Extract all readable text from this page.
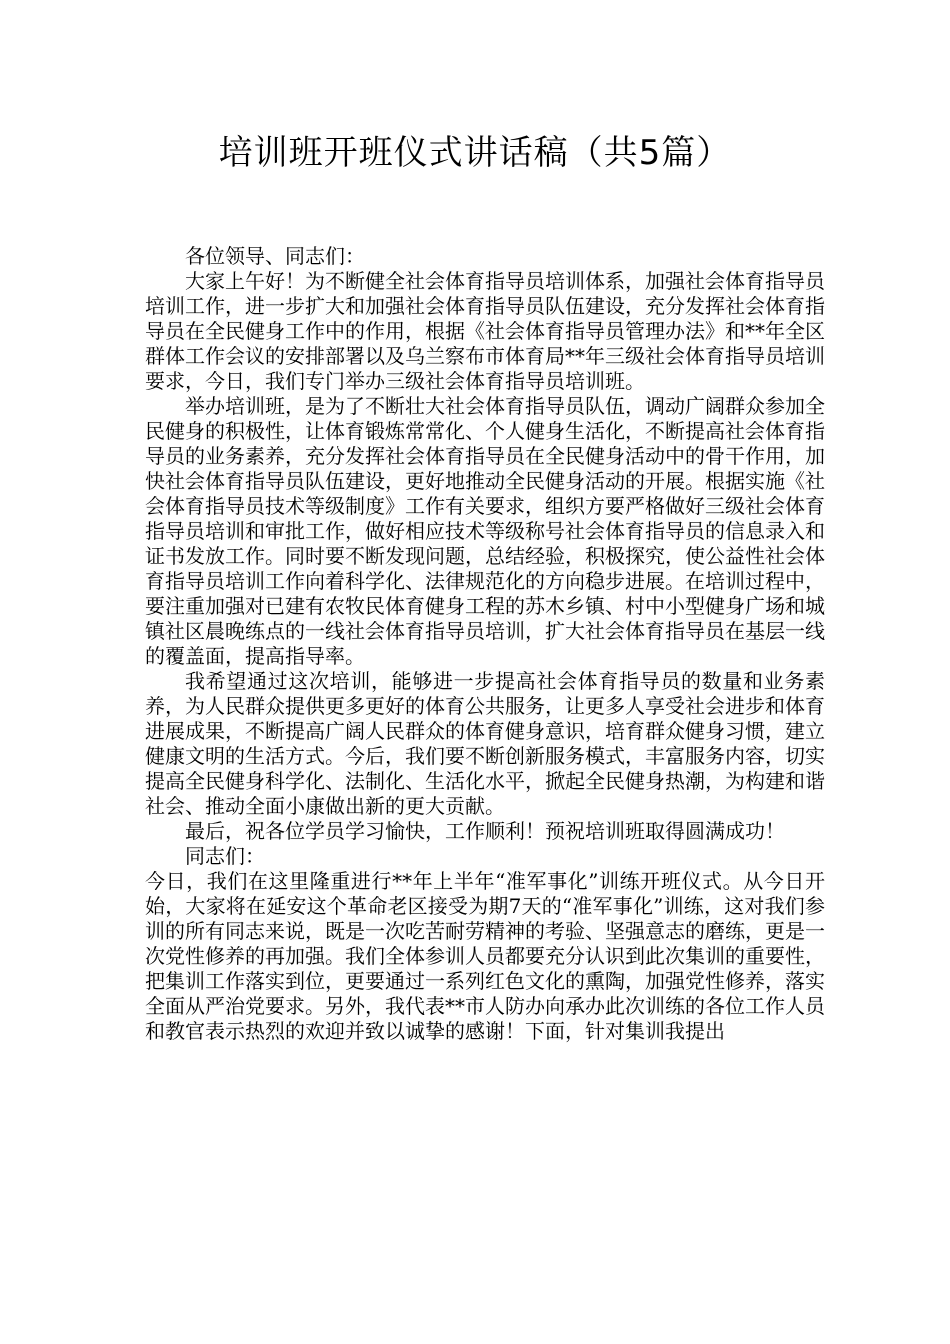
培训班开班仪式讲话稿（共5篇）

各位领导、同志们：

大家上午好！为不断健全社会体育指导员培训体系，加强社会体育指导员培训工作，进一步扩大和加强社会体育指导员队伍建设，充分发挥社会体育指导员在全民健身工作中的作用，根据《社会体育指导员管理办法》和**年全区群体工作会议的安排部署以及乌兰察布市体育局**年三级社会体育指导员培训要求，今日，我们专门举办三级社会体育指导员培训班。

举办培训班，是为了不断壮大社会体育指导员队伍，调动广阔群众参加全民健身的积极性，让体育锻炼常常化、个人健身生活化，不断提高社会体育指导员的业务素养，充分发挥社会体育指导员在全民健身活动中的骨干作用，加快社会体育指导员队伍建设，更好地推动全民健身活动的开展。根据实施《社会体育指导员技术等级制度》工作有关要求，组织方要严格做好三级社会体育指导员培训和审批工作，做好相应技术等级称号社会体育指导员的信息录入和证书发放工作。同时要不断发现问题，总结经验，积极探究，使公益性社会体育指导员培训工作向着科学化、法律规范化的方向稳步进展。在培训过程中，要注重加强对已建有农牧民体育健身工程的苏木乡镇、村中小型健身广场和城镇社区晨晚练点的一线社会体育指导员培训，扩大社会体育指导员在基层一线的覆盖面，提高指导率。

我希望通过这次培训，能够进一步提高社会体育指导员的数量和业务素养，为人民群众提供更多更好的体育公共服务，让更多人享受社会进步和体育进展成果，不断提高广阔人民群众的体育健身意识，培育群众健身习惯，建立健康文明的生活方式。今后，我们要不断创新服务模式，丰富服务内容，切实提高全民健身科学化、法制化、生活化水平，掀起全民健身热潮，为构建和谐社会、推动全面小康做出新的更大贡献。

最后，祝各位学员学习愉快，工作顺利！预祝培训班取得圆满成功！

同志们：

今日，我们在这里隆重进行**年上半年“准军事化”训练开班仪式。从今日开始，大家将在延安这个革命老区接受为期7天的“准军事化”训练，这对我们参训的所有同志来说，既是一次吃苦耐劳精神的考验、坚强意志的磨练，更是一次党性修养的再加强。我们全体参训人员都要充分认识到此次集训的重要性，把集训工作落实到位，更要通过一系列红色文化的熏陶，加强党性修养，落实全面从严治党要求。另外，我代表**市人防办向承办此次训练的各位工作人员和教官表示热烈的欢迎并致以诚挚的感谢！下面，针对集训我提出
